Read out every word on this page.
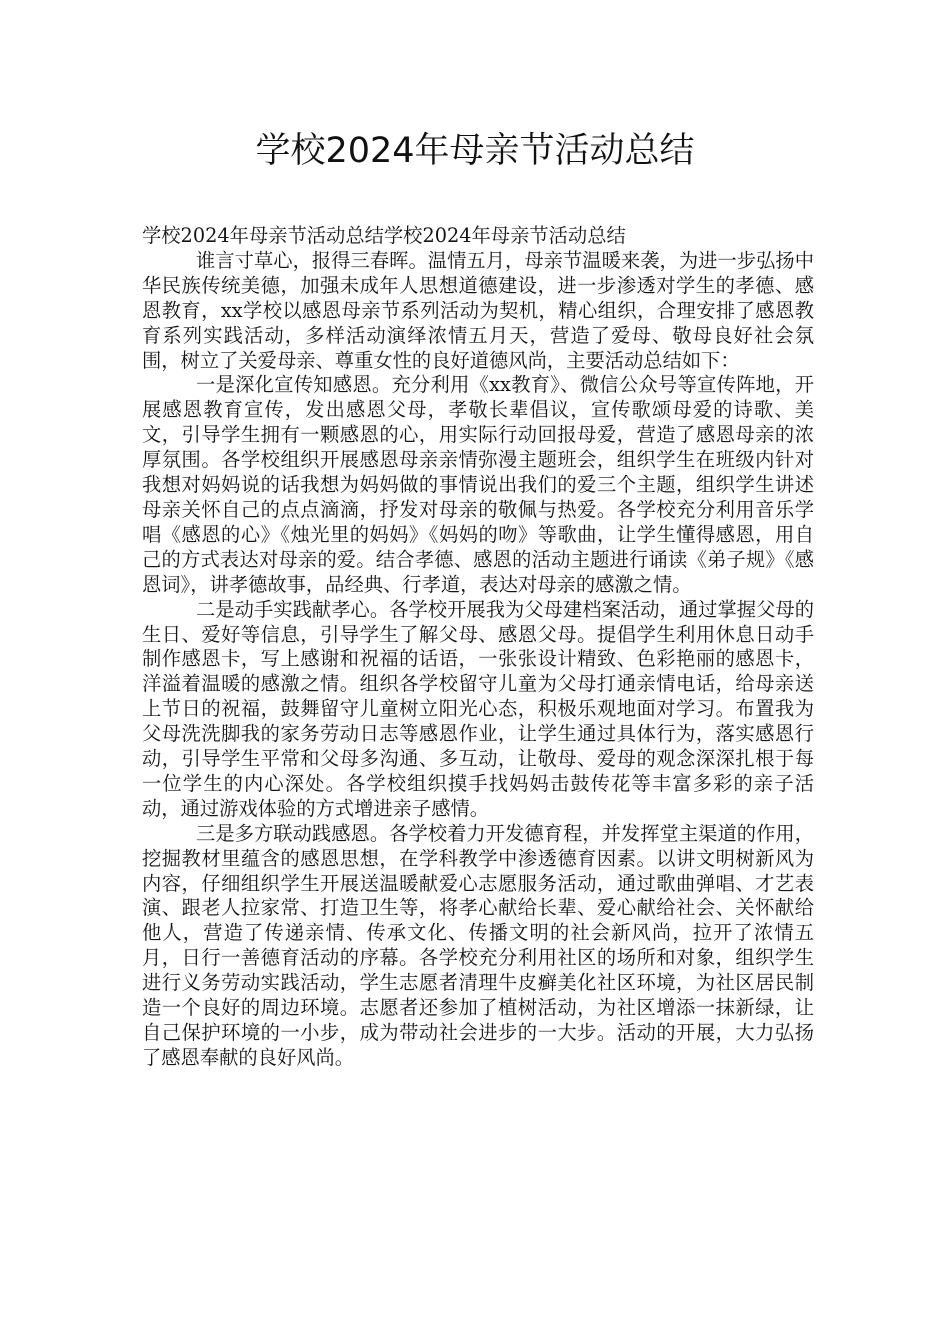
学校2024年母亲节活动总结

学校2024年母亲节活动总结学校2024年母亲节活动总结

谁言寸草心，报得三春晖。温情五月，母亲节温暖来袭，为进一步弘扬中华民族传统美德，加强未成年人思想道德建设，进一步渗透对学生的孝德、感恩教育，xx学校以感恩母亲节系列活动为契机，精心组织，合理安排了感恩教育系列实践活动，多样活动演绎浓情五月天，营造了爱母、敬母良好社会氛围，树立了关爱母亲、尊重女性的良好道德风尚，主要活动总结如下：

一是深化宣传知感恩。充分利用《xx教育》、微信公众号等宣传阵地，开展感恩教育宣传，发出感恩父母，孝敬长辈倡议，宣传歌颂母爱的诗歌、美文，引导学生拥有一颗感恩的心，用实际行动回报母爱，营造了感恩母亲的浓厚氛围。各学校组织开展感恩母亲亲情弥漫主题班会，组织学生在班级内针对我想对妈妈说的话我想为妈妈做的事情说出我们的爱三个主题，组织学生讲述母亲关怀自己的点点滴滴，抒发对母亲的敬佩与热爱。各学校充分利用音乐学唱《感恩的心》《烛光里的妈妈》《妈妈的吻》等歌曲，让学生懂得感恩，用自己的方式表达对母亲的爱。结合孝德、感恩的活动主题进行诵读《弟子规》《感恩词》，讲孝德故事，品经典、行孝道，表达对母亲的感激之情。

二是动手实践献孝心。各学校开展我为父母建档案活动，通过掌握父母的生日、爱好等信息，引导学生了解父母、感恩父母。提倡学生利用休息日动手制作感恩卡，写上感谢和祝福的话语，一张张设计精致、色彩艳丽的感恩卡，洋溢着温暖的感激之情。组织各学校留守儿童为父母打通亲情电话，给母亲送上节日的祝福，鼓舞留守儿童树立阳光心态，积极乐观地面对学习。布置我为父母洗洗脚我的家务劳动日志等感恩作业，让学生通过具体行为，落实感恩行动，引导学生平常和父母多沟通、多互动，让敬母、爱母的观念深深扎根于每一位学生的内心深处。各学校组织摸手找妈妈击鼓传花等丰富多彩的亲子活动，通过游戏体验的方式增进亲子感情。

三是多方联动践感恩。各学校着力开发德育程，并发挥堂主渠道的作用，挖掘教材里蕴含的感恩思想，在学科教学中渗透德育因素。以讲文明树新风为内容，仔细组织学生开展送温暖献爱心志愿服务活动，通过歌曲弹唱、才艺表演、跟老人拉家常、打造卫生等，将孝心献给长辈、爱心献给社会、关怀献给他人，营造了传递亲情、传承文化、传播文明的社会新风尚，拉开了浓情五月，日行一善德育活动的序幕。各学校充分利用社区的场所和对象，组织学生进行义务劳动实践活动，学生志愿者清理牛皮癣美化社区环境，为社区居民制造一个良好的周边环境。志愿者还参加了植树活动，为社区增添一抹新绿，让自己保护环境的一小步，成为带动社会进步的一大步。活动的开展，大力弘扬了感恩奉献的良好风尚。
